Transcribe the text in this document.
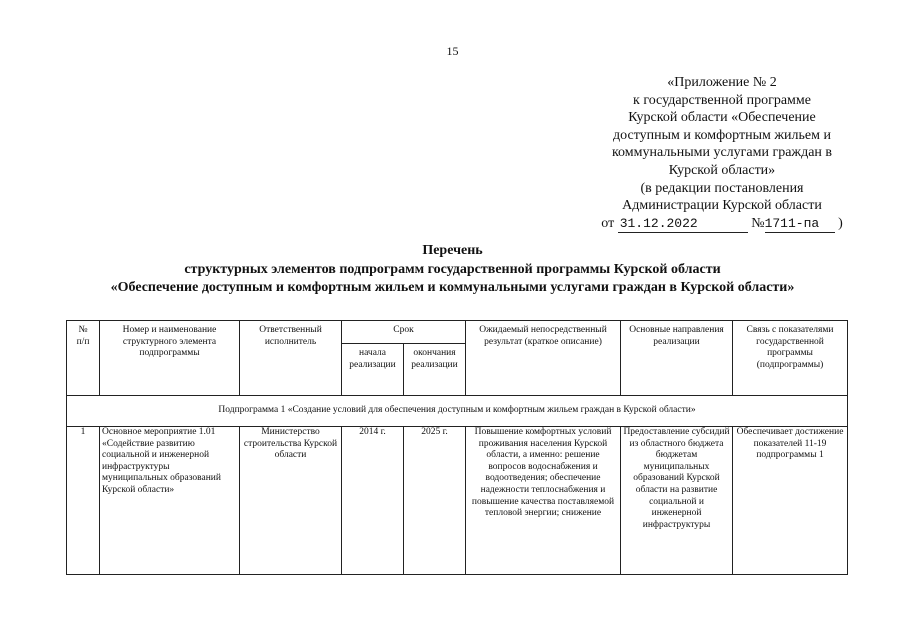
15
«Приложение № 2
к государственной программе
Курской области «Обеспечение
доступным и комфортным жильем и
коммунальными услугами граждан в
Курской области»
(в редакции постановления
Администрации Курской области
от 31.12.2022	№1711-па )
Перечень
структурных элементов подпрограмм государственной программы Курской области
«Обеспечение доступным и комфортным жильем и коммунальными услугами граждан в Курской области»
№
п/п	Номер и наименование структурного элемента подпрограммы	Ответственный исполнитель	Срок		Ожидаемый непосредственный результат (краткое описание)	Основные направления реализации	Связь с показателями государственной программы (подпрограммы)
			начала реализации	окончания реализации			
Подпрограмма 1 «Создание условий для обеспечения доступным и комфортным жильем граждан в Курской области»							
1	Основное мероприятие 1.01 «Содействие развитию социальной и инженерной инфраструктуры муниципальных образований Курской области»	Министерство строительства Курской области	2014 г.	2025 г.	Повышение комфортных условий проживания населения Курской области, а именно: решение вопросов водоснабжения и водоотведения; обеспечение надежности теплоснабжения и повышение качества поставляемой тепловой энергии; снижение	Предоставление субсидий из областного бюджета бюджетам муниципальных образований Курской области на развитие социальной и инженерной инфраструктуры	Обеспечивает достижение показателей 11-19 подпрограммы 1
